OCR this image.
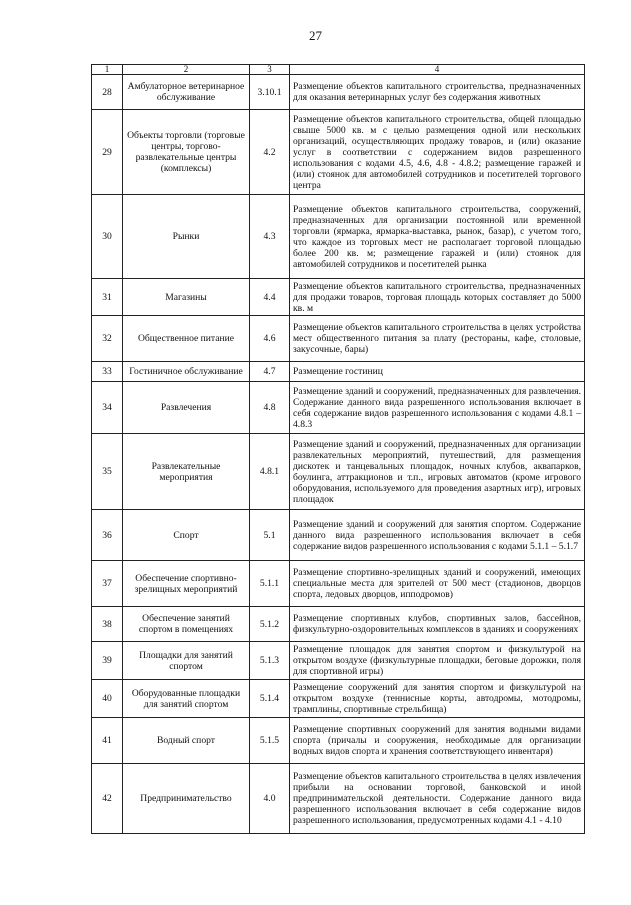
27
1	2	3	4
28	Амбулаторное ветеринарное обслуживание	3.10.1	Размещение объектов капитального строительства, предназначенных для оказания ветеринарных услуг без содержания животных
29	Объекты торговли (торговые центры, торгово-развлекательные центры (комплексы)	4.2	Размещение объектов капитального строительства, общей площадью свыше 5000 кв. м с целью размещения одной или нескольких организаций, осуществляющих продажу товаров, и (или) оказание услуг в соответствии с содержанием видов разрешенного использования с кодами 4.5, 4.6, 4.8 - 4.8.2; размещение гаражей и (или) стоянок для автомобилей сотрудников и посетителей торгового центра
30	Рынки	4.3	Размещение объектов капитального строительства, сооружений, предназначенных для организации постоянной или временной торговли (ярмарка, ярмарка-выставка, рынок, базар), с учетом того, что каждое из торговых мест не располагает торговой площадью более 200 кв. м; размещение гаражей и (или) стоянок для автомобилей сотрудников и посетителей рынка
31	Магазины	4.4	Размещение объектов капитального строительства, предназначенных для продажи товаров, торговая площадь которых составляет до 5000 кв. м
32	Общественное питание	4.6	Размещение объектов капитального строительства в целях устройства мест общественного питания за плату (рестораны, кафе, столовые, закусочные, бары)
33	Гостиничное обслуживание	4.7	Размещение гостиниц
34	Развлечения	4.8	Размещение зданий и сооружений, предназначенных для развлечения. Содержание данного вида разрешенного использования включает в себя содержание видов разрешенного использования с кодами 4.8.1 – 4.8.3
35	Развлекательные мероприятия	4.8.1	Размещение зданий и сооружений, предназначенных для организации развлекательных мероприятий, путешествий, для размещения дискотек и танцевальных площадок, ночных клубов, аквапарков, боулинга, аттракционов и т.п., игровых автоматов (кроме игрового оборудования, используемого для проведения азартных игр), игровых площадок
36	Спорт	5.1	Размещение зданий и сооружений для занятия спортом. Содержание данного вида разрешенного использования включает в себя содержание видов разрешенного использования с кодами 5.1.1 – 5.1.7
37	Обеспечение спортивно-зрелищных мероприятий	5.1.1	Размещение спортивно-зрелищных зданий и сооружений, имеющих специальные места для зрителей от 500 мест (стадионов, дворцов спорта, ледовых дворцов, ипподромов)
38	Обеспечение занятий спортом в помещениях	5.1.2	Размещение спортивных клубов, спортивных залов, бассейнов, физкультурно-оздоровительных комплексов в зданиях и сооружениях
39	Площадки для занятий спортом	5.1.3	Размещение площадок для занятия спортом и физкультурой на открытом воздухе (физкультурные площадки, беговые дорожки, поля для спортивной игры)
40	Оборудованные площадки для занятий спортом	5.1.4	Размещение сооружений для занятия спортом и физкультурой на открытом воздухе (теннисные корты, автодромы, мотодромы, трамплины, спортивные стрельбища)
41	Водный спорт	5.1.5	Размещение спортивных сооружений для занятия водными видами спорта (причалы и сооружения, необходимые для организации водных видов спорта и хранения соответствующего инвентаря)
42	Предпринимательство	4.0	Размещение объектов капитального строительства в целях извлечения прибыли на основании торговой, банковской и иной предпринимательской деятельности. Содержание данного вида разрешенного использования включает в себя содержание видов разрешенного использования, предусмотренных кодами 4.1 - 4.10
